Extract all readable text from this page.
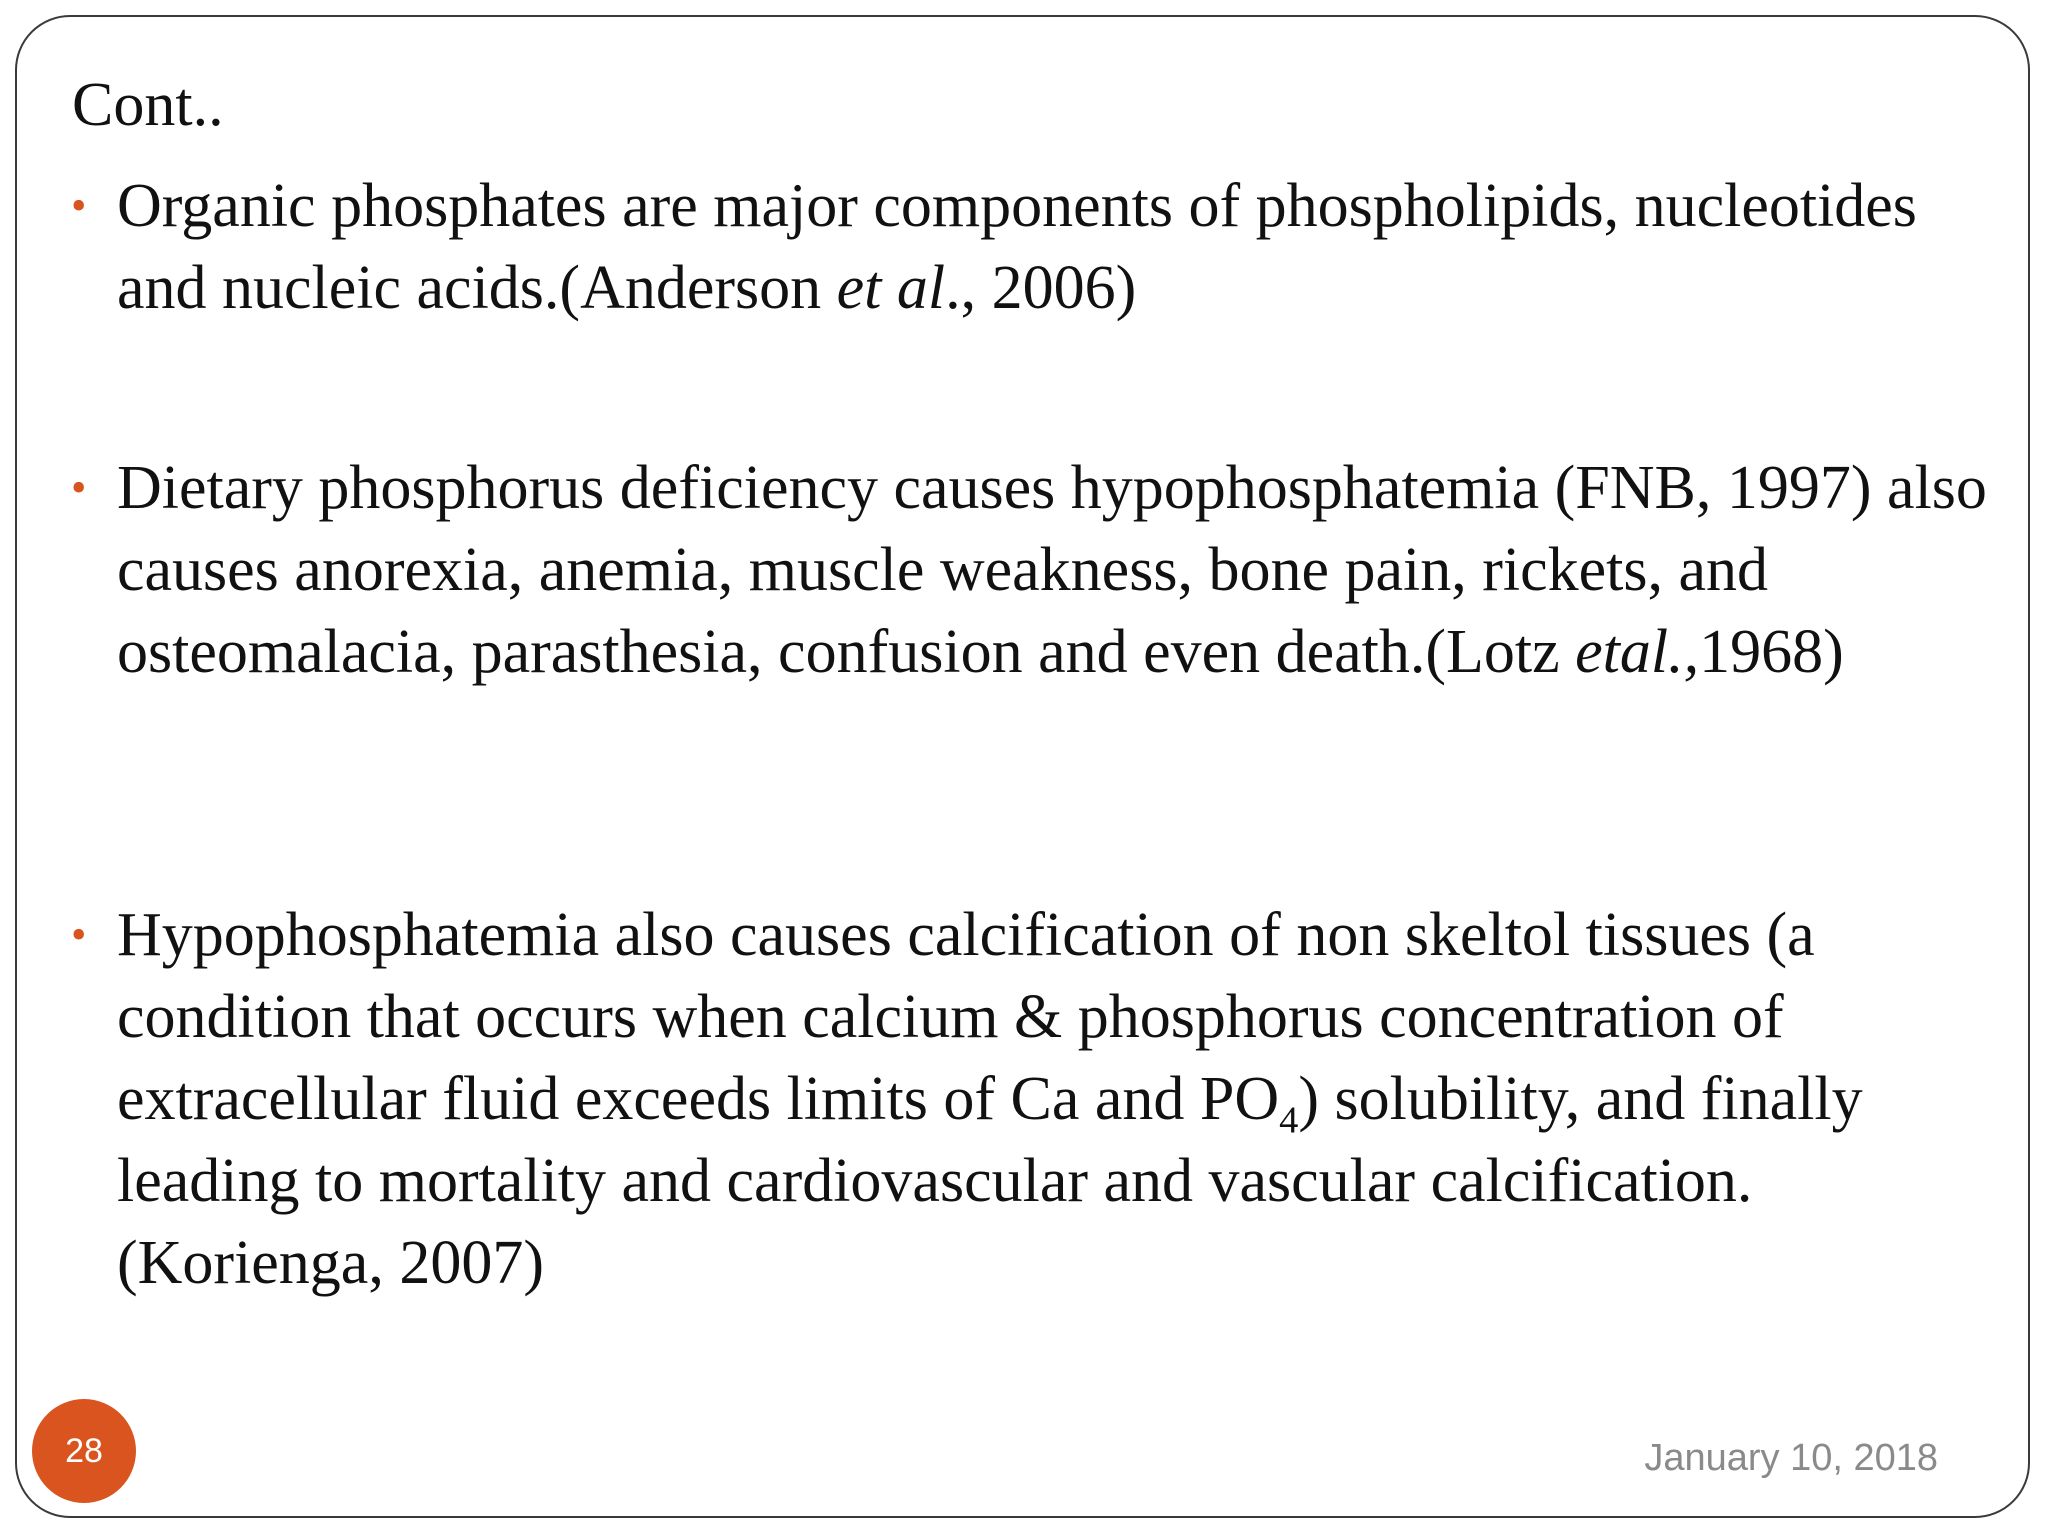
Cont..
• Organic phosphates are major components of phospholipids, nucleotides and nucleic acids.(Anderson et al., 2006)
• Dietary phosphorus deficiency causes hypophosphatemia (FNB, 1997) also causes anorexia, anemia, muscle weakness, bone pain, rickets, and osteomalacia, parasthesia, confusion and even death.(Lotz etal.,1968)
• Hypophosphatemia also causes calcification of non skeltol tissues (a condition that occurs when calcium & phosphorus concentration of extracellular fluid exceeds limits of Ca and $PO_4$) solubility, and finally leading to mortality and cardiovascular and vascular calcification.(Korienga, 2007)
28	January 10, 2018
